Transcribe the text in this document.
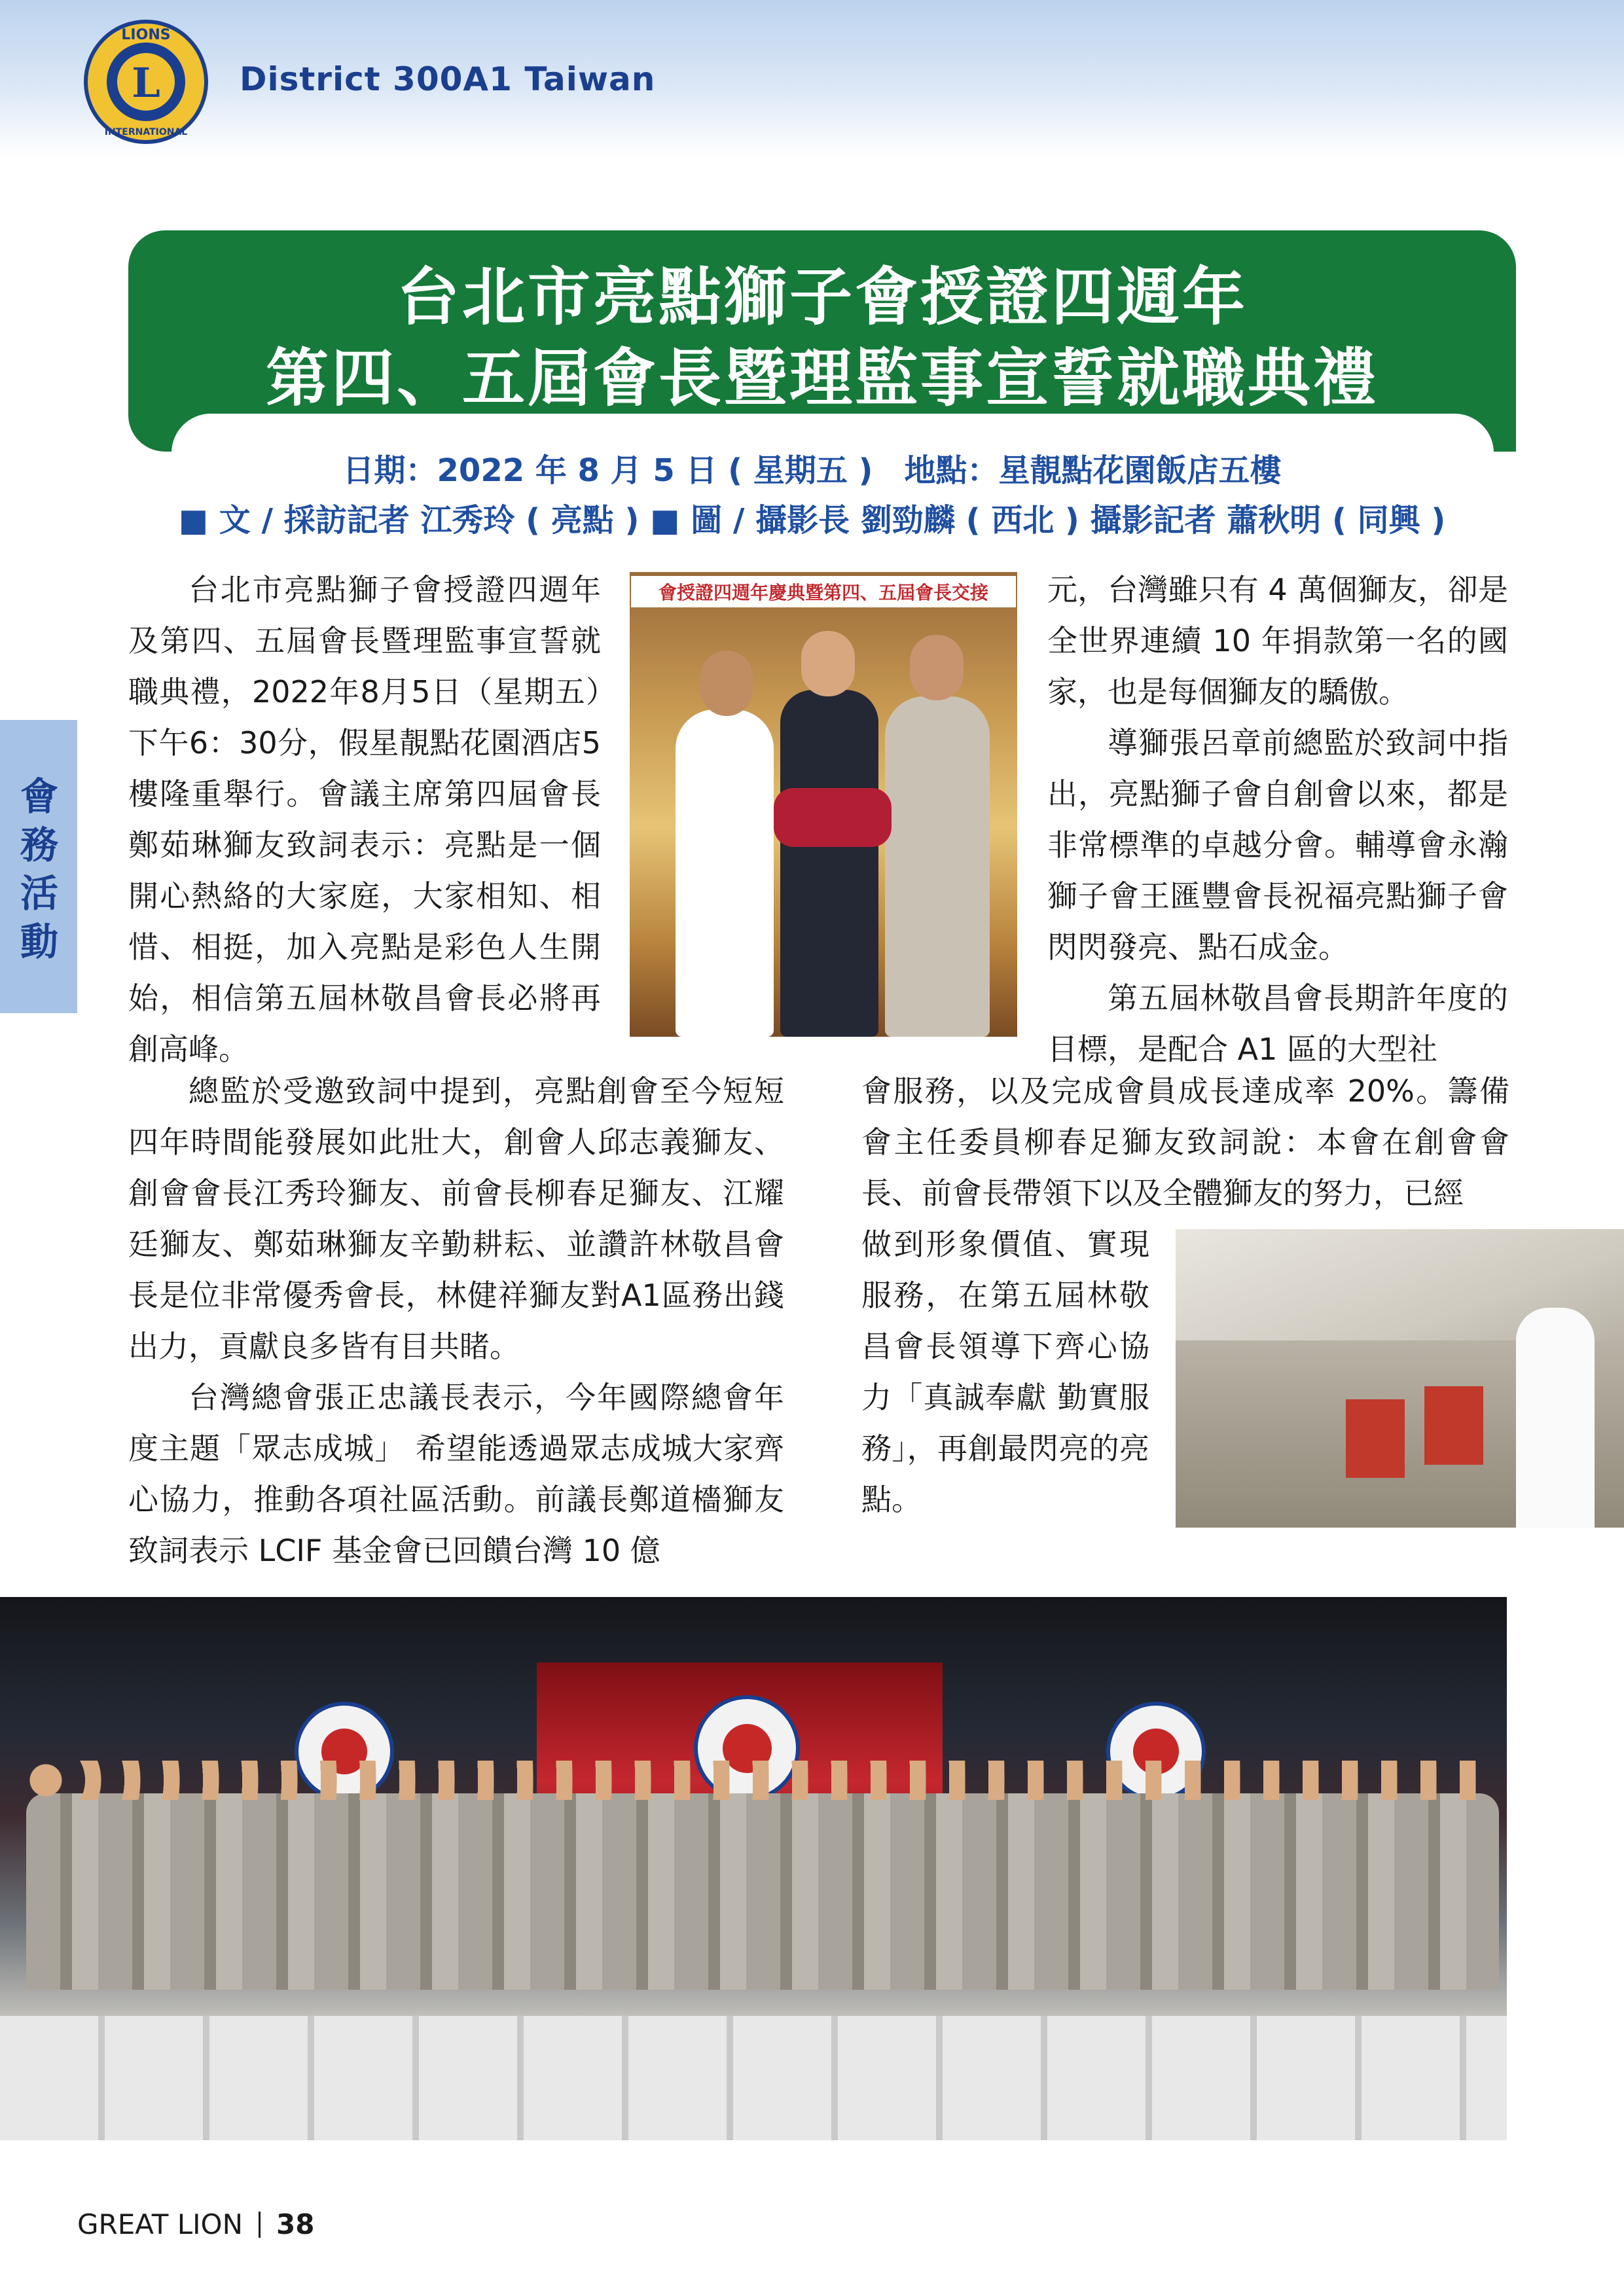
L
LIONS
INTERNATIONAL
District 300A1 Taiwan
台北市亮點獅子會授證四週年
第四、五屆會長暨理監事宣誓就職典禮
日期：2022 年 8 月 5 日 ( 星期五 )　地點：星靚點花園飯店五樓
■ 文 / 採訪記者 江秀玲 ( 亮點 ) ■ 圖 / 攝影長 劉勁麟 ( 西北 ) 攝影記者 蕭秋明 ( 同興 )
會務活動

台北市亮點獅子會授證四週年及第四、五屆會長暨理監事宣誓就職典禮，2022年8月5日（星期五）下午6：30分，假星靚點花園酒店5樓隆重舉行。會議主席第四屆會長鄭茹琳獅友致詞表示：亮點是一個開心熱絡的大家庭，大家相知、相惜、相挺，加入亮點是彩色人生開始，相信第五屆林敬昌會長必將再創高峰。

總監於受邀致詞中提到，亮點創會至今短短四年時間能發展如此壯大，創會人邱志義獅友、創會會長江秀玲獅友、前會長柳春足獅友、江耀廷獅友、鄭茹琳獅友辛勤耕耘、並讚許林敬昌會長是位非常優秀會長，林健祥獅友對A1區務出錢出力，貢獻良多皆有目共睹。

台灣總會張正忠議長表示，今年國際總會年度主題「眾志成城」 希望能透過眾志成城大家齊心協力，推動各項社區活動。前議長鄭道檣獅友致詞表示 LCIF 基金會已回饋台灣 10 億

元，台灣雖只有 4 萬個獅友，卻是全世界連續 10 年捐款第一名的國家，也是每個獅友的驕傲。

導獅張呂章前總監於致詞中指出，亮點獅子會自創會以來，都是非常標準的卓越分會。輔導會永瀚獅子會王匯豐會長祝福亮點獅子會閃閃發亮、點石成金。

第五屆林敬昌會長期許年度的目標，是配合 A1 區的大型社

會服務，以及完成會員成長達成率 20%。籌備會主任委員柳春足獅友致詞說：本會在創會會長、前會長帶領下以及全體獅友的努力，已經

做到形象價值、實現服務，在第五屆林敬昌會長領導下齊心協力「真誠奉獻 勤實服務」，再創最閃亮的亮點。

會授證四週年慶典暨第四、五屆會長交接
GREAT LION 38
